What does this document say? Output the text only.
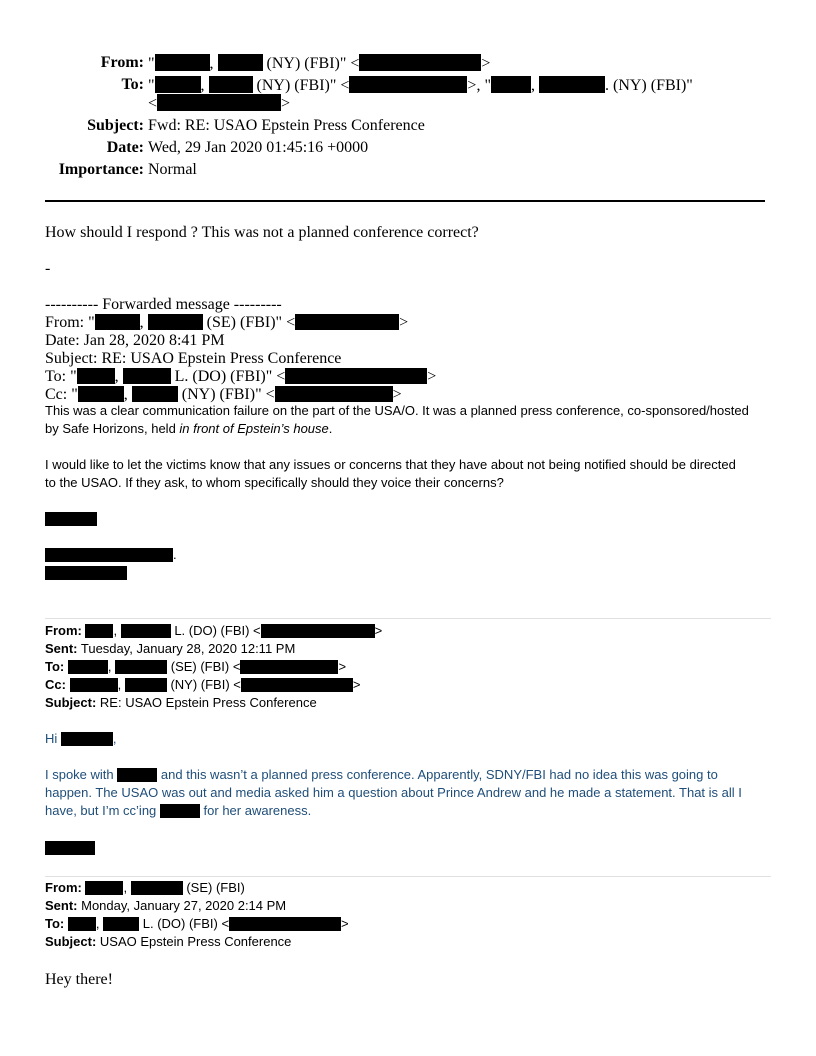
From: "	,	(NY) (FBI)" <	>
To: "	,	(NY) (FBI)" <	>, "	,	. (NY) (FBI)"
<	>
Subject: Fwd: RE: USAO Epstein Press Conference
Date: Wed, 29 Jan 2020 01:45:16 +0000
Importance: Normal
How should I respond ? This was not a planned conference correct?
-
---------- Forwarded message ---------
From: "	,	(SE) (FBI)" <	>
Date: Jan 28, 2020 8:41 PM
Subject: RE: USAO Epstein Press Conference
To: " ,	L. (DO) (FBI)" <	>
Cc: "	,	(NY) (FBI)" <	>
This was a clear communication failure on the part of the USA/O. It was a planned press conference, co-sponsored/hosted
by Safe Horizons, held in front of Epstein’s house.
I would like to let the victims know that any issues or concerns that they have about not being notified should be directed
to the USAO. If they ask, to whom specifically should they voice their concerns?
.
From: ,	L. (DO) (FBI) <	>
Sent: Tuesday, January 28, 2020 12:11 PM
To:	,	(SE) (FBI) <	>
Cc:	,	(NY) (FBI) <	>
Subject: RE: USAO Epstein Press Conference
Hi	,
I spoke with	and this wasn’t a planned press conference. Apparently, SDNY/FBI had no idea this was going to
happen. The USAO was out and media asked him a question about Prince Andrew and he made a statement. That is all I
have, but I’m cc’ing	for her awareness.
From:	,	(SE) (FBI)
Sent: Monday, January 27, 2020 2:14 PM
To: ,	L. (DO) (FBI) <	>
Subject: USAO Epstein Press Conference
Hey there!
